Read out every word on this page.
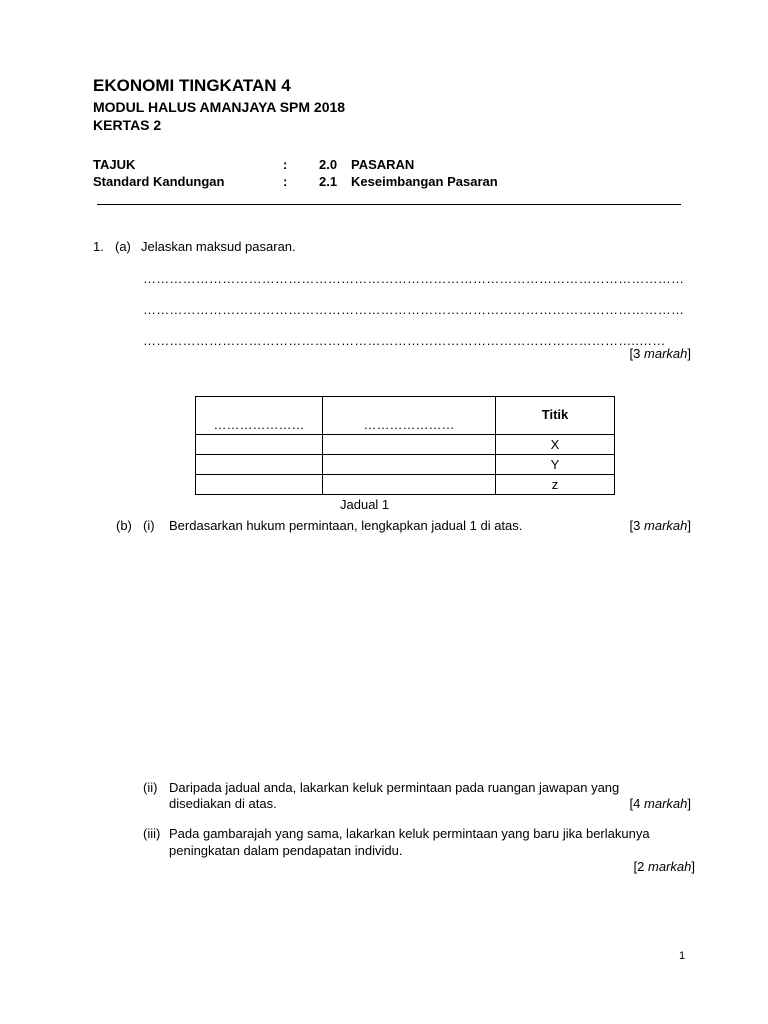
EKONOMI TINGKATAN 4
MODUL HALUS AMANJAYA SPM 2018
KERTAS 2
TAJUK	: 2.0 PASARAN
Standard Kandungan	: 2.1 Keseimbangan Pasaran
1. (a) Jelaskan maksud pasaran.
……………………………………………………………………………………………………………
……………………………………………………………………………………………………………
…………………………………………………………………………………………………..……
[3 markah]
…………………	…………………	Titik
		X
		Y
		z
Jadual 1
(b) (i) Berdasarkan hukum permintaan, lengkapkan jadual 1 di atas.	[3 markah]
(ii) Daripada jadual anda, lakarkan keluk permintaan pada ruangan jawapan yang
disediakan di atas.	[4 markah]
(iii) Pada gambarajah yang sama, lakarkan keluk permintaan yang baru jika berlakunya
peningkatan dalam pendapatan individu.
[2 markah]
1
